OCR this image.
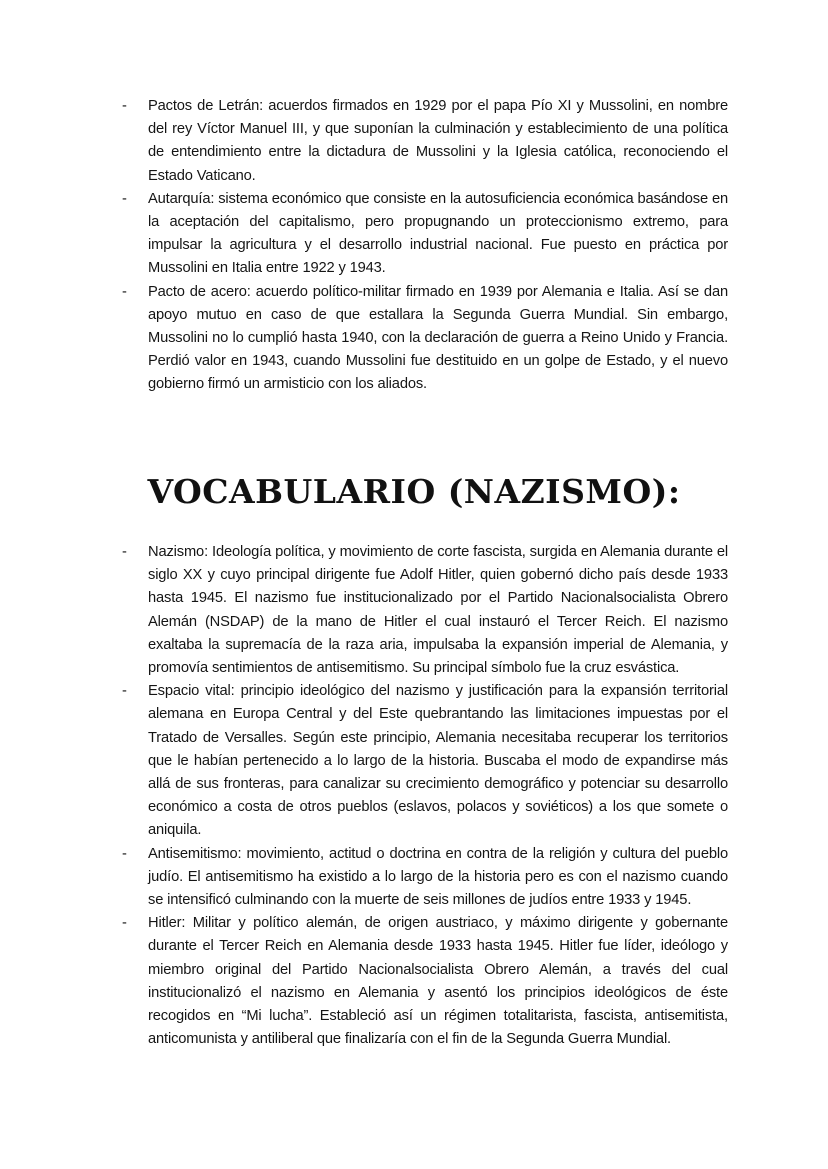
- Pactos de Letrán: acuerdos firmados en 1929 por el papa Pío XI y Mussolini, en nombre del rey Víctor Manuel III, y que suponían la culminación y establecimiento de una política de entendimiento entre la dictadura de Mussolini y la Iglesia católica, reconociendo el Estado Vaticano.
- Autarquía: sistema económico que consiste en la autosuficiencia económica basándose en la aceptación del capitalismo, pero propugnando un proteccionismo extremo, para impulsar la agricultura y el desarrollo industrial nacional. Fue puesto en práctica por Mussolini en Italia entre 1922 y 1943.
- Pacto de acero: acuerdo político-militar firmado en 1939 por Alemania e Italia. Así se dan apoyo mutuo en caso de que estallara la Segunda Guerra Mundial. Sin embargo, Mussolini no lo cumplió hasta 1940, con la declaración de guerra a Reino Unido y Francia. Perdió valor en 1943, cuando Mussolini fue destituido en un golpe de Estado, y el nuevo gobierno firmó un armisticio con los aliados.
VOCABULARIO (NAZISMO):
- Nazismo: Ideología política, y movimiento de corte fascista, surgida en Alemania durante el siglo XX y cuyo principal dirigente fue Adolf Hitler, quien gobernó dicho país desde 1933 hasta 1945. El nazismo fue institucionalizado por el Partido Nacionalsocialista Obrero Alemán (NSDAP) de la mano de Hitler el cual instauró el Tercer Reich. El nazismo exaltaba la supremacía de la raza aria, impulsaba la expansión imperial de Alemania, y promovía sentimientos de antisemitismo. Su principal símbolo fue la cruz esvástica.
- Espacio vital: principio ideológico del nazismo y justificación para la expansión territorial alemana en Europa Central y del Este quebrantando las limitaciones impuestas por el Tratado de Versalles. Según este principio, Alemania necesitaba recuperar los territorios que le habían pertenecido a lo largo de la historia. Buscaba el modo de expandirse más allá de sus fronteras, para canalizar su crecimiento demográfico y potenciar su desarrollo económico a costa de otros pueblos (eslavos, polacos y soviéticos) a los que somete o aniquila.
- Antisemitismo: movimiento, actitud o doctrina en contra de la religión y cultura del pueblo judío. El antisemitismo ha existido a lo largo de la historia pero es con el nazismo cuando se intensificó culminando con la muerte de seis millones de judíos entre 1933 y 1945.
- Hitler: Militar y político alemán, de origen austriaco, y máximo dirigente y gobernante durante el Tercer Reich en Alemania desde 1933 hasta 1945. Hitler fue líder, ideólogo y miembro original del Partido Nacionalsocialista Obrero Alemán, a través del cual institucionalizó el nazismo en Alemania y asentó los principios ideológicos de éste recogidos en “Mi lucha”. Estableció así un régimen totalitarista, fascista, antisemitista, anticomunista y antiliberal que finalizaría con el fin de la Segunda Guerra Mundial.
